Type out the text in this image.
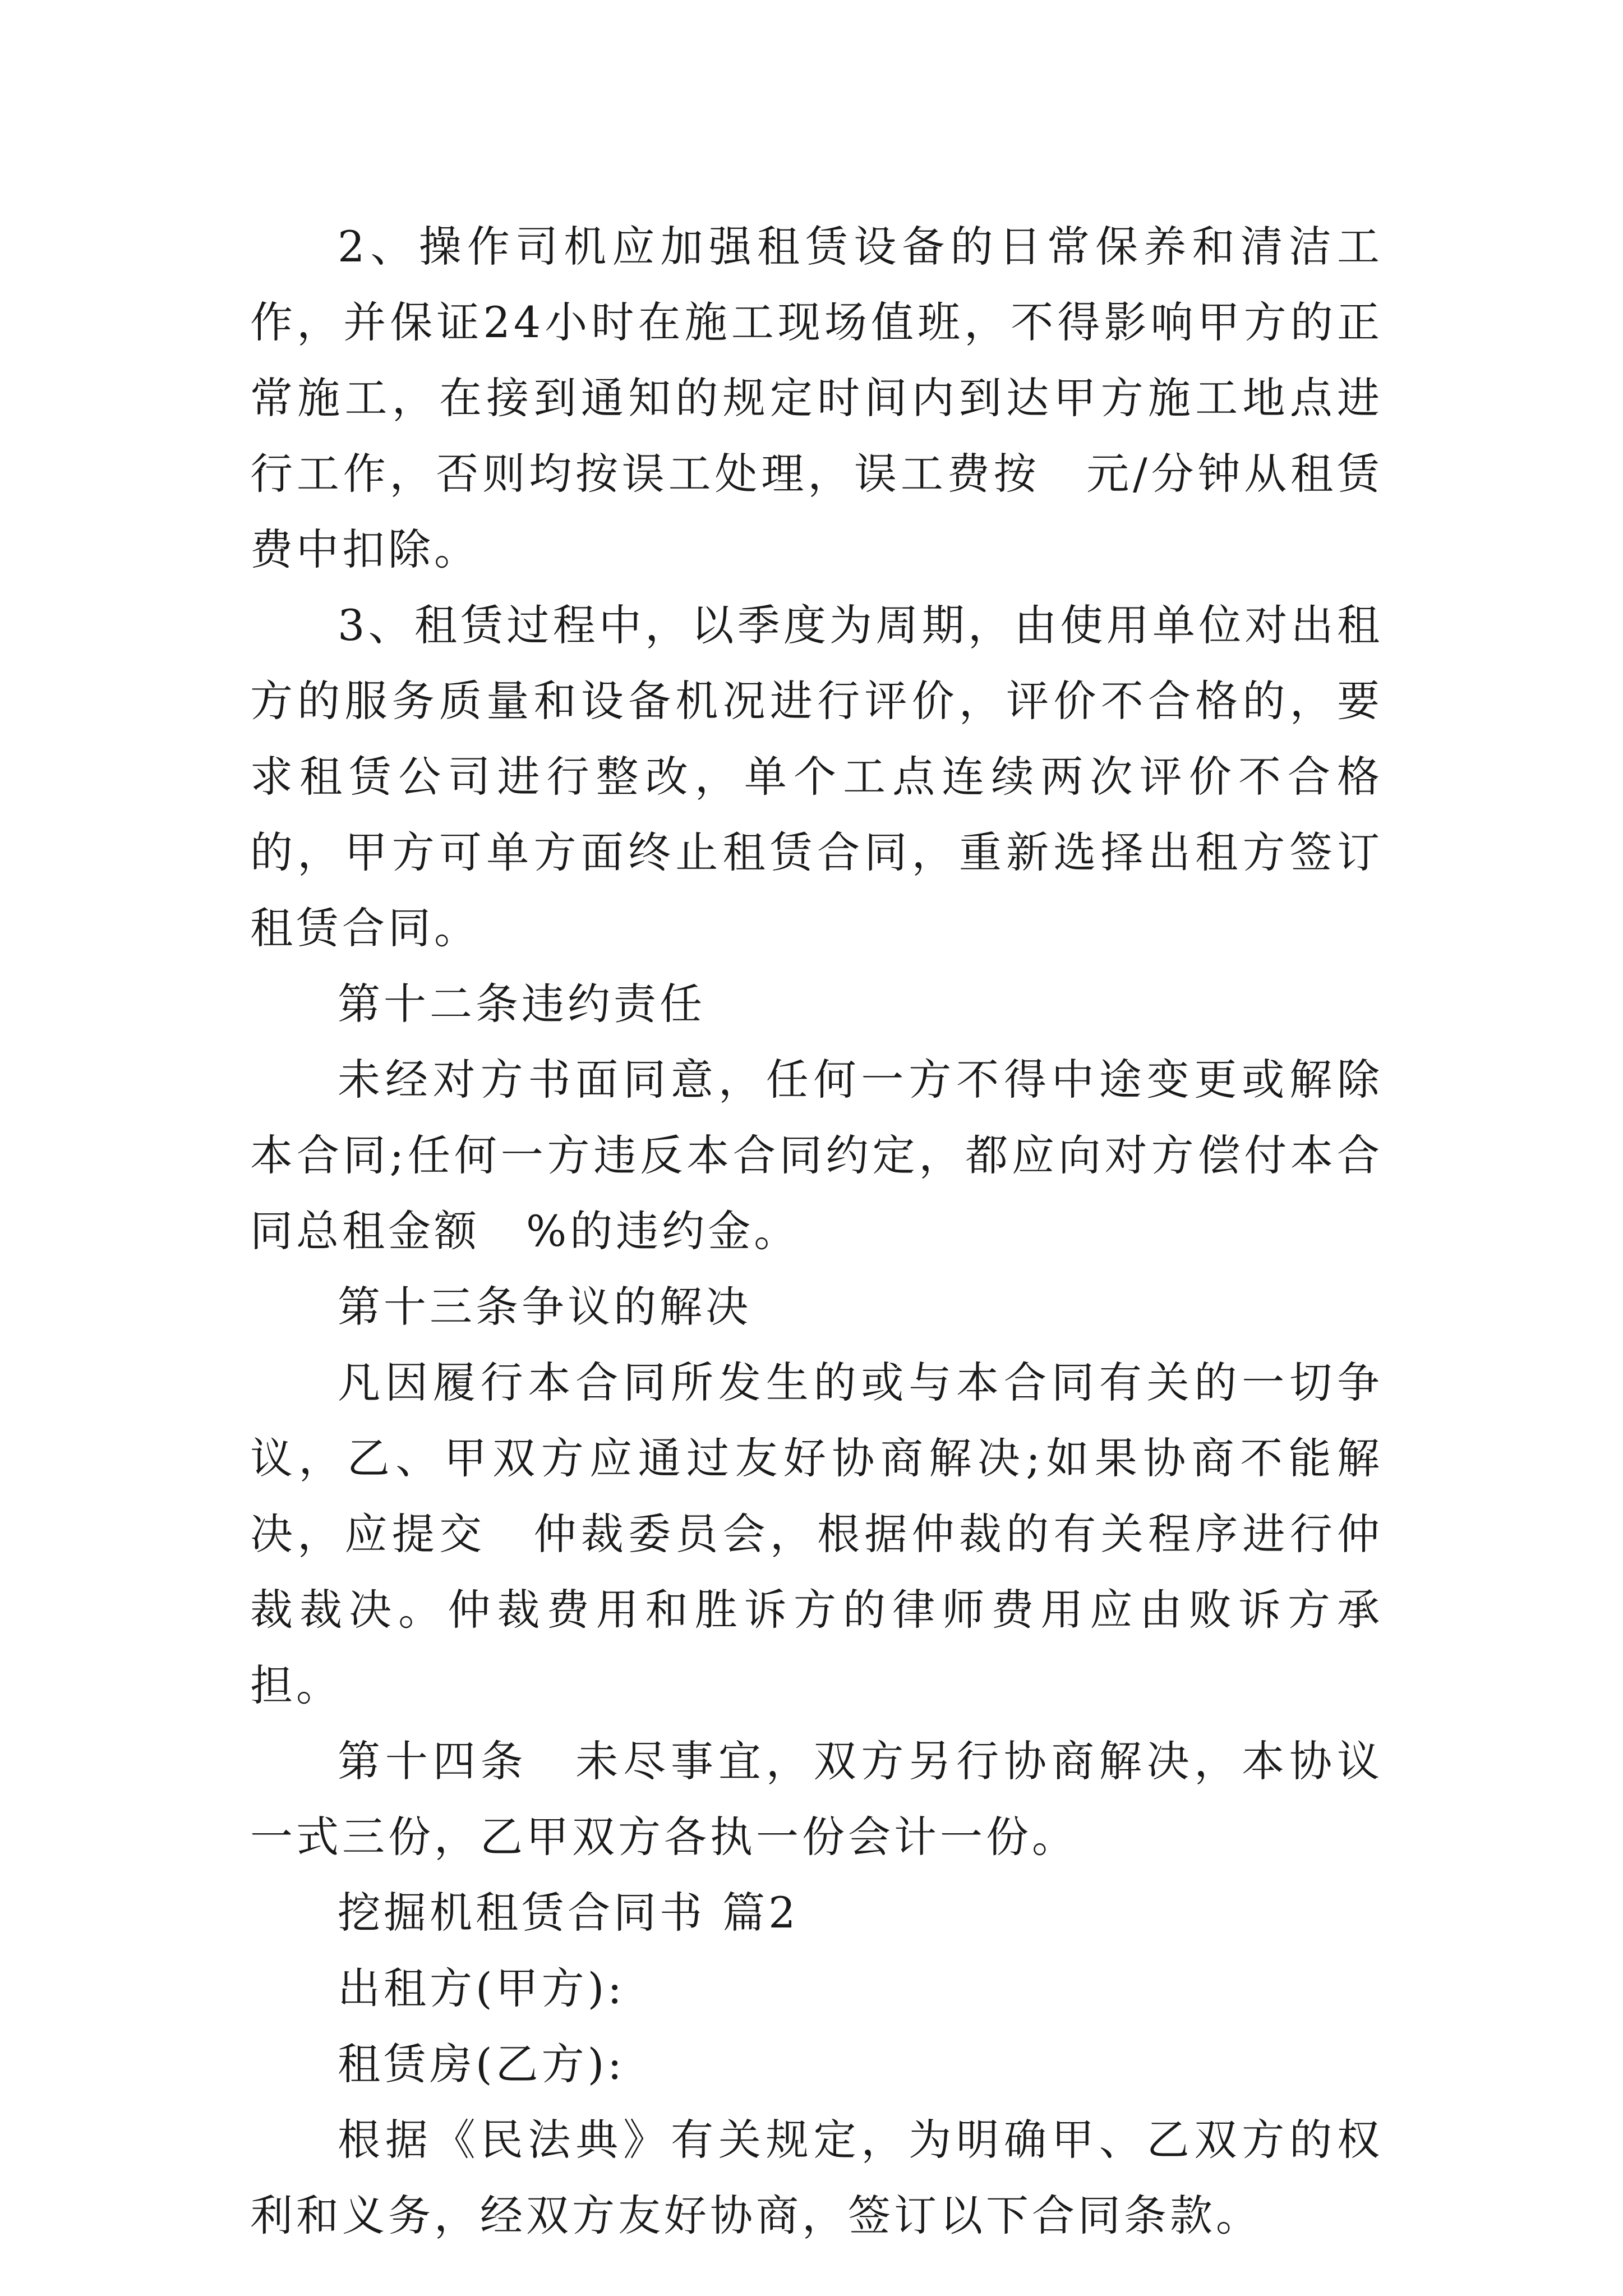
2、操作司机应加强租赁设备的日常保养和清洁工作，并保证24小时在施工现场值班，不得影响甲方的正常施工，在接到通知的规定时间内到达甲方施工地点进行工作，否则均按误工处理，误工费按　元/分钟从租赁费中扣除。

3、租赁过程中，以季度为周期，由使用单位对出租方的服务质量和设备机况进行评价，评价不合格的，要求租赁公司进行整改，单个工点连续两次评价不合格的，甲方可单方面终止租赁合同，重新选择出租方签订租赁合同。

第十二条违约责任

未经对方书面同意，任何一方不得中途变更或解除本合同;任何一方违反本合同约定，都应向对方偿付本合同总租金额　%的违约金。

第十三条争议的解决

凡因履行本合同所发生的或与本合同有关的一切争议，乙、甲双方应通过友好协商解决;如果协商不能解决，应提交　仲裁委员会，根据仲裁的有关程序进行仲裁裁决。仲裁费用和胜诉方的律师费用应由败诉方承担。

第十四条　未尽事宜，双方另行协商解决，本协议一式三份，乙甲双方各执一份会计一份。

挖掘机租赁合同书 篇2

出租方(甲方):

租赁房(乙方):

根据《民法典》有关规定，为明确甲、乙双方的权利和义务，经双方友好协商，签订以下合同条款。
